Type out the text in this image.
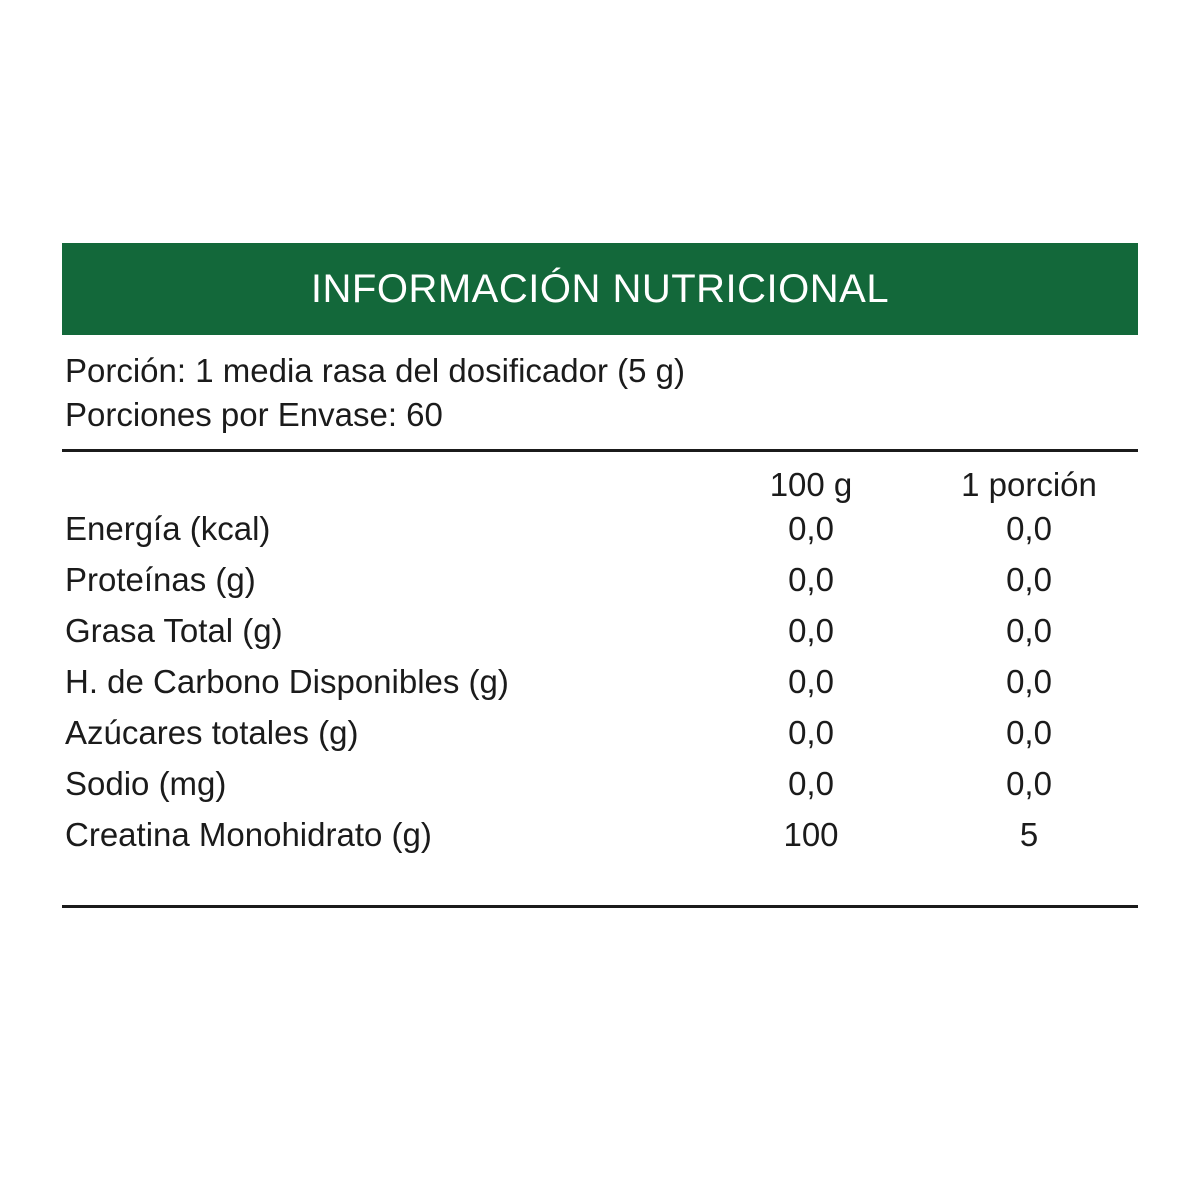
INFORMACIÓN NUTRICIONAL
Porción: 1 media rasa del dosificador (5 g)
Porciones por Envase: 60
	100 g	1 porción
Energía (kcal)	0,0	0,0
Proteínas (g)	0,0	0,0
Grasa Total (g)	0,0	0,0
H. de Carbono Disponibles (g)	0,0	0,0
Azúcares totales (g)	0,0	0,0
Sodio (mg)	0,0	0,0
Creatina Monohidrato (g)	100	5
